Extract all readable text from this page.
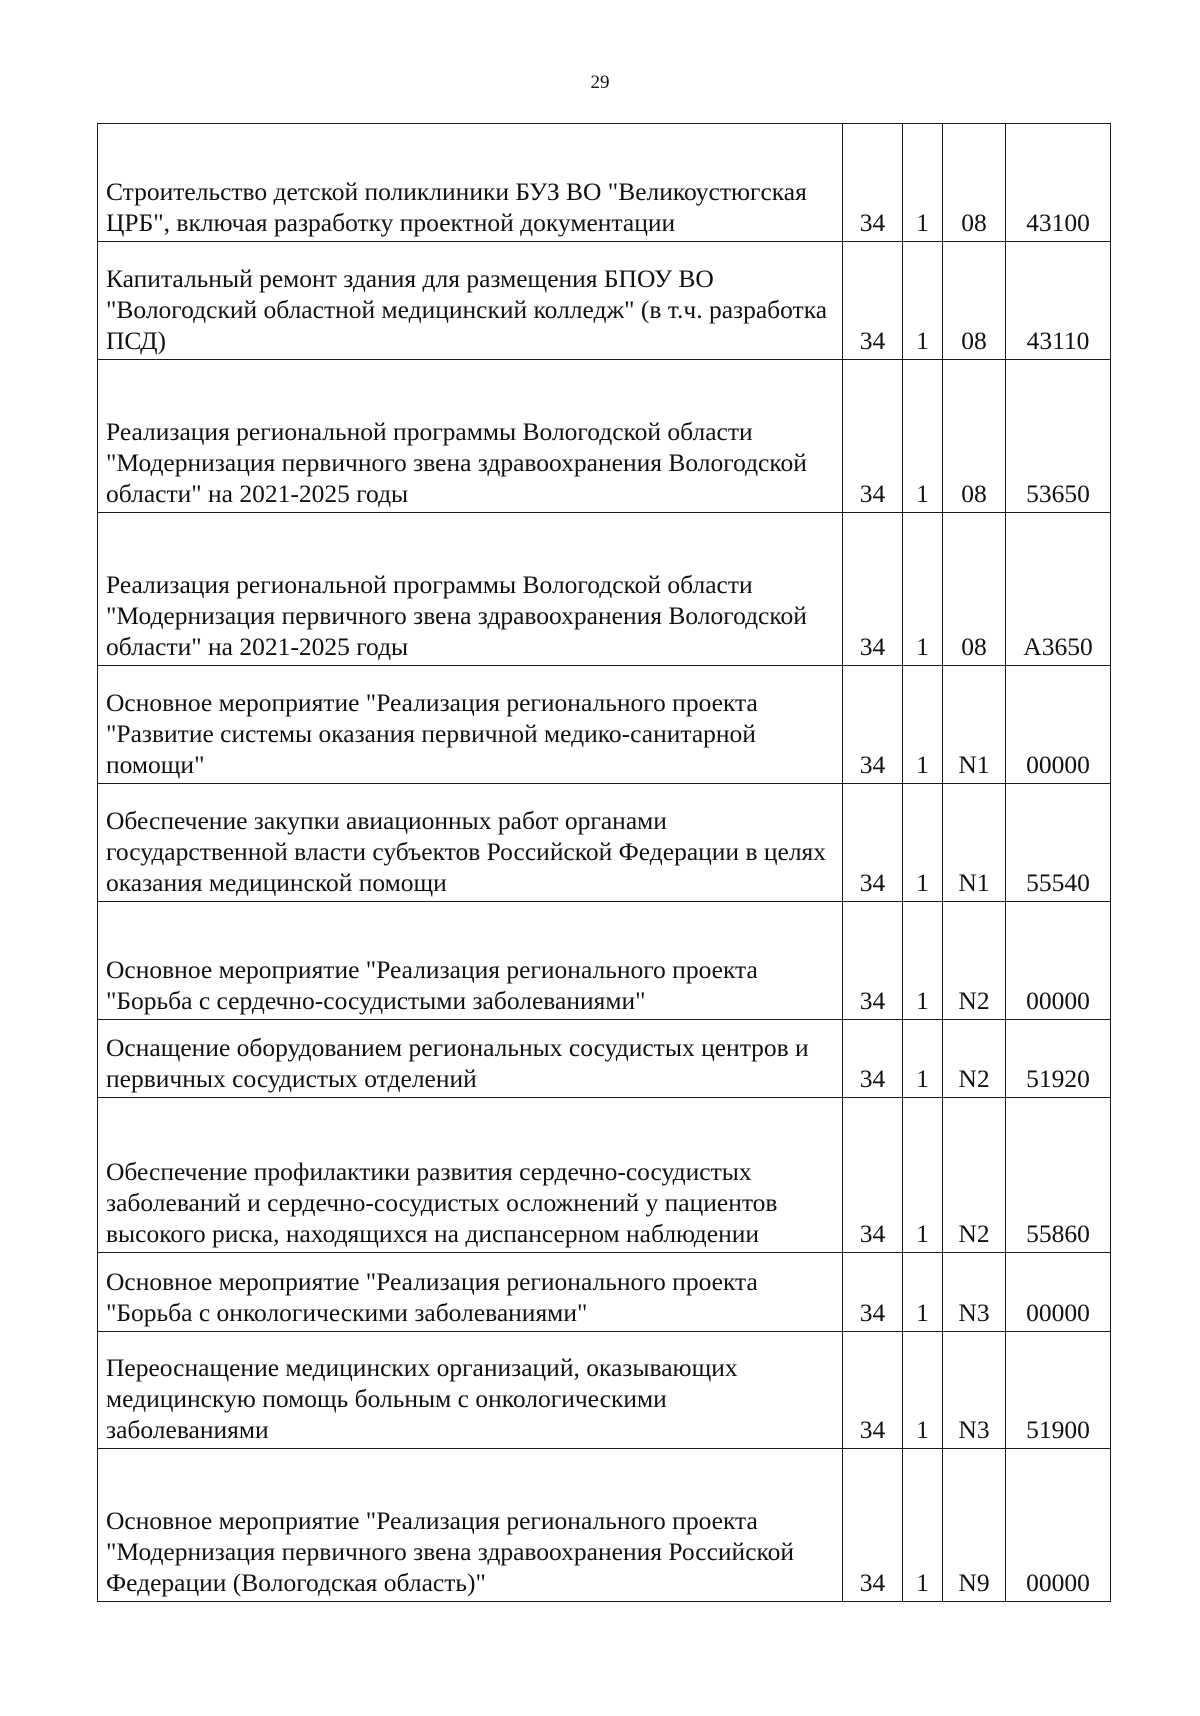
29
Строительство детской поликлиники БУЗ ВО "Великоустюгская ЦРБ", включая разработку проектной документации	34	1	08	43100
Капитальный ремонт здания для размещения БПОУ ВО "Вологодский областной медицинский колледж" (в т.ч. разработка ПСД)	34	1	08	43110
Реализация региональной программы Вологодской области "Модернизация первичного звена здравоохранения Вологодской области" на 2021-2025 годы	34	1	08	53650
Реализация региональной программы Вологодской области "Модернизация первичного звена здравоохранения Вологодской области" на 2021-2025 годы	34	1	08	А3650
Основное мероприятие "Реализация регионального проекта "Развитие системы оказания первичной медико-санитарной помощи"	34	1	N1	00000
Обеспечение закупки авиационных работ органами государственной власти субъектов Российской Федерации в целях оказания медицинской помощи	34	1	N1	55540
Основное мероприятие "Реализация регионального проекта "Борьба с сердечно-сосудистыми заболеваниями"	34	1	N2	00000
Оснащение оборудованием региональных сосудистых центров и первичных сосудистых отделений	34	1	N2	51920
Обеспечение профилактики развития сердечно-сосудистых заболеваний и сердечно-сосудистых осложнений у пациентов высокого риска, находящихся на диспансерном наблюдении	34	1	N2	55860
Основное мероприятие "Реализация регионального проекта "Борьба с онкологическими заболеваниями"	34	1	N3	00000
Переоснащение медицинских организаций, оказывающих медицинскую помощь больным с онкологическими заболеваниями	34	1	N3	51900
Основное мероприятие "Реализация регионального проекта "Модернизация первичного звена здравоохранения Российской Федерации (Вологодская область)"	34	1	N9	00000
